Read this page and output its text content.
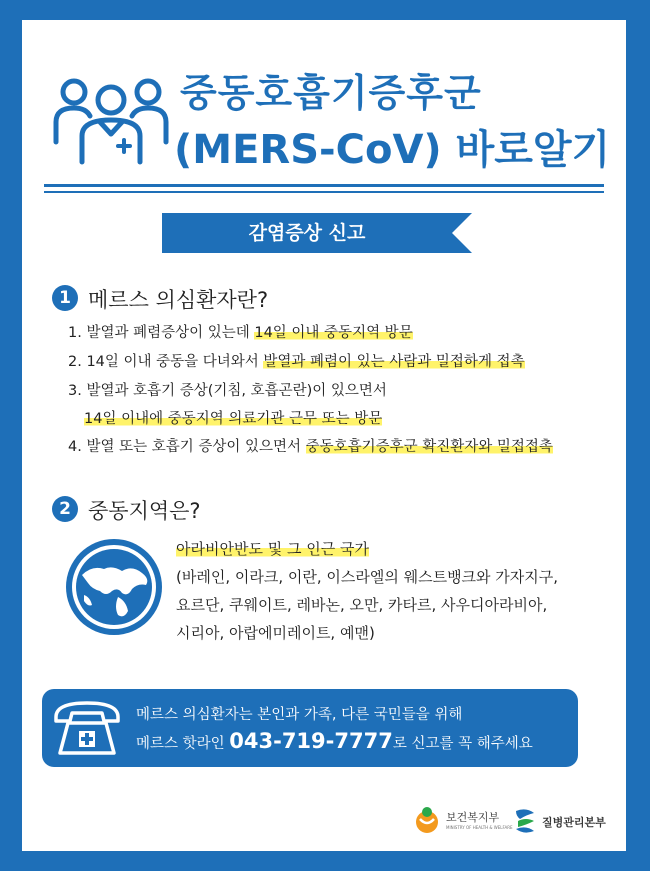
중동호흡기증후군
(MERS-CoV) 바로알기
감염증상 신고
1 메르스 의심환자란?
1. 발열과 폐렴증상이 있는데 14일 이내 중동지역 방문
2. 14일 이내 중동을 다녀와서 발열과 폐렴이 있는 사람과 밀접하게 접촉
3. 발열과 호흡기 증상(기침, 호흡곤란)이 있으면서
14일 이내에 중동지역 의료기관 근무 또는 방문
4. 발열 또는 호흡기 증상이 있으면서 중동호흡기증후군 확진환자와 밀접접촉
2 중동지역은?
아라비안반도 및 그 인근 국가
(바레인, 이라크, 이란, 이스라엘의 웨스트뱅크와 가자지구,
요르단, 쿠웨이트, 레바논, 오만, 카타르, 사우디아라비아,
시리아, 아랍에미레이트, 예맨)
메르스 의심환자는 본인과 가족, 다른 국민들을 위해
메르스 핫라인 043-719-7777로 신고를 꼭 해주세요
보건복지부
MINISTRY OF HEALTH & WELFARE	질병관리본부
